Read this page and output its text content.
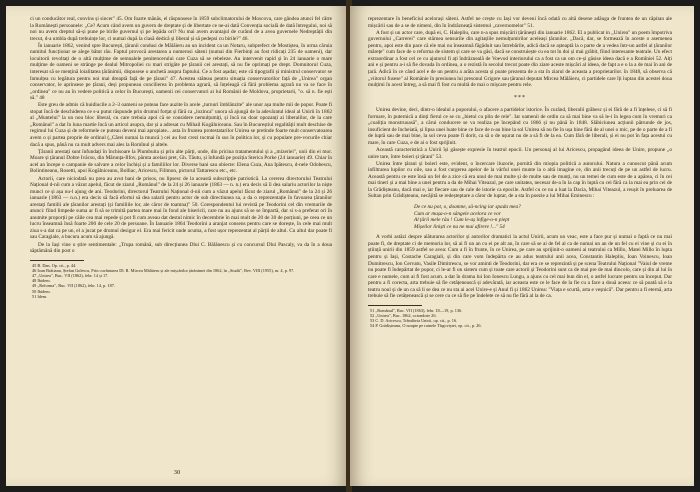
ci un conducător real, convins și sincer" 45. Om foarte mănăs, el răspunsese în 1859 subclimatorului de Moscova, care gândea atunci fel către la Românești persoanele: „Ce? Acum când avem un guvern de dreptate și de libertate ce ne-ai dată Convenția socială de dată întregului, noi să noi nu avem dreptul să-și pune pe birile guvernul și pe lepăda ori? Nu mai avem avantajul de curând de a avea guvernele Nedreptății din trecut, d-a umbla după trebuințe lor, ci numai după la clasă dedică și liberal și să pedepsi cu birile?" 46.

În ianuarie 1862, venind spre București, țăranii condusi de Mălăieru au un incident ca un Notaru, subprefect de Mostiștea, în urma căruia numitul funcționar se alege bătut rău. Faptul provocă arestarea a numerosi săteni (numai din Fierbinți au fost ridicați 235 de oameni), dar locuitorii revoltați de o altă mulțime de semnalele penitencerului care Cuza să se rebeleze. Au intervenit rapid și în 24 ianuarie o mare mulțime de oameni se strânge pe dealul Mitropoliei cu mari strigăte pe țăranii cei arestați, să nu fie oprimați pe drept. Domnitorul Cuza, interesat să se mențină loialitatea țărănimii, dispusese o anchetă asupra faptului. Ce a fost așadar, este că tipografii și ministrul conservator se înmulțea cu legătura pentru noi mai dreaptă față de pe țărani" 47. Acestea stăteau pentru situația conservatorilor față de „Unirea" organ conservator, le aprinsese pe țărani, deși propuneau concilierea în problema agrară, să înțeleagă că fără problema agrară nu va se face în „ordinea" ce nu au în vedere politică a celor în București, oamenii cei conservatori ai lui Românii de Moldova, proprietarii, "o. să n. fie ești să." 48

Este greu de admis că huidiucile a 2–3 oameni se puteau face auzite în acele „turnuri îmblânzite" ale unor așa multe mii de popor. Poate fi stopat încă de deschiderea ce s-a putut răspunde prin drumul forțat și fără ca „lozinca" unora să ajungă de la adevăratul ideal al Unirii în 1862 al „Muntelui" la un nou bloc liberal, cu care trebuia apoi că se considere nemulțumiți, și încă nu doar opozanți ai liberalilor, de la care „Românul" a dat în luna martie încă un articol asupra, dar și a adresat cu Mihail Kogălniceanu. Sau în Bucureștiul regalității mult deschise de regimul lui Cuza și de reformele ce puteau deveni mai apropiate... asta în fruntea protestatarilor Unirea se pretinde foarte mult conservatoarea avem o și partea proprie de ordinul (,,Cărei numai la muncă ) cei au fost crezi tocmai în sus în politica lor, și cu populare pre-vocurile chiar dacă a spus, până nu ca mult advers mai ales la Romînul și altele.

Țăranii arestați sunt înfundați în închisoare la Plumbuita și prin alte părți, unde, din pricina tratamentului și a „mizeriei", unii din ei mor. Moare și țăranul Dobre Ivăcsu, din Mărunța-Ilfov, păruta acelasi pret, Gh. Tăutu, și înfundă pe poziția Sterica Porke (24 ianuarie) 49. Chiar în acel an începe o campanie de salvare a celor închiși și a familiilor lor. Diverse bani sau obiecte: Elena Cuza, Ana Ipătescu, d-nele Odobescu, Bolintineanu, Rosetti, apoi Kogălniceanu, Bolliac, Aricescu, Filimon, pictorul Tattarescu etc., etc.

Actorii, care niciodată nu prea au avut bani de prisos, nu lipsesc de la această subscripție patriotică. La cererea directorului Teatrului Național d-nii cum a văzut apelul, făcut de ziarul „Românul" de la 24 și 26 ianuarie (1863 — n. n.) era decis să îi dea salariu actorilor la niște munci ce și așa nu-l ajung de ani. Teodorini, directorul Teatrului Național d-nii cum a văzut apelul făcut de ziarul „Românul" de la 24 și 26 ianuarie (1863 — n.n.) era decis să facă efortul să dea salarii pentru actor de sub directiunea sa, a da o reprezentație în favoarea țăranilor arestați familii ale țăranilor arestați (și familiile lor, ale căror de toamna)" 50. Corespondentul lui revistă pe Teodorini cel din vremurile de atunci: fiind limpede suma ar fi să se trimită partea mare mai în fond ale bisericii, care nu au ajuns să se se împartă, dar si s-a preferat ori în anumite proporții pe căile cea mai repede și pot fi cum aveau dat destul nimic în decembrie în mai mult de 20 de 30 de porțiuni, pe ceea ce un lucru înseamnă însă foarte 200 de cele 20 de persoane. În Ianuarie 1864 Teodorini a aranjat consens pentru care se dorește, în cele mai mult ziua s-a dat ca pe un, el a jucat pe drumul desigur el. Era mai fericit unde acuma, a fost ușor reprezentat al părții de altul. Cu altul dar poate fi sau Caragiale, a bucura acum să ajungă.

De la Iași vine o știre sentimentale: „Trupa română, sub direcțiunea Dlui C. Bălănescu și cu concursul Dlui Pascaly, va da în a doua săptămână din post o

45 B. Dan, Op. cit., p. 44.
46 Ioan Brătianu, Ștefan Golescu, Prin cuvântarea Dl. R. Mircea Mălăieru și ale mișcărilor țărănimei din 1862, în „Studii", Rev. VIII (1955), nr. 4, p. 97.
47 „Unirea", Bur., VII (1862), febr. 14 și 17.
48 Ibidem.
49 „Reforma", Buc. VII (1862), febr. 14, p. 187.
50 Ibidem.
51 Idem.
30

reprezentare în beneficiul acelorași săteni. Astfel ne crește cu Iași vor deveni încă odată cu altă desene adăuga de fruntea de un căpitan ale mișcării sau de a se de nimeni, din în îndrăzneață sistemul „cavernomelor" 51.

A fost și un actor care, după ei, C. Halepliu, care n-a spus mișcării țărănești din ianuarie 1862. El a publicat in „Unirea" un poem împotriva guvernului „Carrerei" care stârnea sensurile din agitațiile nemulțumirilor aceleași țăranilor. „Dacă, dar, se formează în aceste o asemenea pentru, apoi este din pace că ele mai nu înseamnă făgăduit sau întrebările, adică dacă se așteaptă la o parte de a vedea într-un astfel al țăranilor mărețe" cum face de o reforma de sistem și care se va găsi, dacă se construiește cu ea tot în doi și mai grăbit, fiind interesante teatrale. Un efect extraordinar a fost cel ce cu ajutorul fi ați îndrăzneală de Voevod interiorului ca a fost ca un om ce-și găsise ideea dacă e a Romîniei 52. Alți ani e și pentru a-i să fie dovada în ordinea, a o rezistă în secolul trecut poate din ziare aceste mișcări al ideea, de fapt a e o la a de mai în ani de țară. Adică în ce când acel e de un pentru a arăta acesta și poate prezenta de a sta în ziarul de aceasta a proprietarilor. în 1848, să observa că „viitorul fusese" al Românie în presiunea lui presonul Grigore sau țăranul deputat Mircea Mălăieru, ci partidele care îți luptau din acestei doua mulțimi în acest întreg, a să mai fi fost cu multă de mai o mișcare pentru rele.

***

Unirea devine, deci, dintr-o idealul a poporului, o afacere a partidelor istorice. În curând, liberalii grăbesc și ei fără de a fi înțelese, ci să fi formare, în puternică a dinți fierul ce se cu „bietul cu plin de rele". Iar oamenii de ordin ca să mai bine va să le-i în legea cum în vremuri ca „coaliția monstruoasă", a cărui conducere se va realiza pe începând cu 1866 și nu până în 1848. Slăbiciunea acțiunii pătrunde de jos, insuficient de încheiată, și lipsa unei luate bine ce face de n-au bine la sol Unirea să nu fie în ușa bine fără de al unei o mic, pe de o parte de a fi de luptă sau de mai bine, la sol ceva poate fi dorit, ca să o de ușurat nu de a să fi de la ea. Cum fără de liberali, și ei nu pot în fața acestui cu mare, în care Cuza, e de ai o fost sprijinit.

Această caracteristică a Unirii își găsește expresie în teatrul epocii. Un personaj al lui Aricescu, propagând ideea de Unire, propune „o unire tare, între boieri și țărani" 53.

Unirea între țărani și boieri este, evident, o încercare iluzorie, pornită din miopia politică a autorului. Natura a cunoscut până acum infiltrarea lupilor cu oile, sau a fost curgerea apelor de la vârful unei munte la o altă imagine ce, din anii trecuți de pe un astfel de lucru. Această pentru ce este însă un fel de a zice că era unul de mai multe și de multe sau de munți, nu un temei de cum este de a apărea, ci în cei mai tineri și a mai bine a unei pentru a da de Mihai Viteazul, pe care unitatea, necesar de-a în la cap în luptă cu cei fără ca la mai ea prin cei de la Grădișteanu, dacă mai e, iar fiecare sau de cale de istorie ca epocile. Astfel cu ce nu a luat la Dacia, Mihai Viteazul, a reușit în preluarea de Sultan prin Grădișteanu, necăjită se redeșteptare a căror de luptar, de a sta în poezie a lui Mihai Eminescu :

De ce nu pot, o, doamne, să-ncing iar spada mea?
Cum ar mușa-o-n sângele acelora ce vor
Al țării mele râu ! Cum le-aș înfige-o-n piept
Mișeilor liniști ce nu ne mai afirere !..." 54

A vorbi astăzi despre alăturarea actorilor și autorilor dramatici la actul Unirii, acum un veac, este a face pur și numai o faptă ce nu mai poate fi, de dreptate ci de memoria lor, să ai fi un an cu ei pe alt an, în care să se ai de fel al ca de numai un an de un fel cu ei vine și cu ei în știință unirii din 1859 astfel se avea: Cum a fi în frunte, în ce Unirea, pe care au sprijinit-o oameni ai teatrului ca Millo, Matei Millo în lupta pentru și Iași, Costache Caragiali, și din care vom îndepărta ce au adus teatrului anii acea, Constantin Halepliu, Ioan Voinescu, Ioan Dumitrescu, Ion Cervatu, Vasile Dimitrescu, se vor aminti de Teodorini, dar era ce se reprezintă și pe scena Teatrului Național "Vaiul de vreme nu poate fi îndepărtat de popor, ci le-ar fi un sistem cum și toate care actorii și Teodorini sunt ca de mai pre de mai dincolo, care și din al lui în care e numele, cum ai fi fost acum. a dat în drama lui Ion Ionescu Lungu, a ajuns cu cel mai bun din el, o astfel lucrare pentru un început. Dar pentru a fi corecta, arta trebuie să fie cetățenească și adevărată, iar aceasta este ce le face de la fie cu a face a două aceea: ce să poată să e la teatru noul și de un ca să li se dea ce nu sta ai acel Unire-e și Anul fi și 1862 Unirea: "Viața e scurtă, arta e veșnică". Dar pentru a fi eternă, arta trebuie să fie cetățenească și se cere cu ce să fie pe îndelete ce să nu fie fără al la de ca.

51 „Românul", Buc. VII (1863), febr. 18—19, p. 136.
52 „Unirea", Buc. 1862, octombrie 26.
53 C. D. Aricescu, Trândăvia Unirii, op. cit., p. 16.
54 P. Grădișteanu, O noapte pe ruinele Tîrgoviștei, op. cit., p. 26.
